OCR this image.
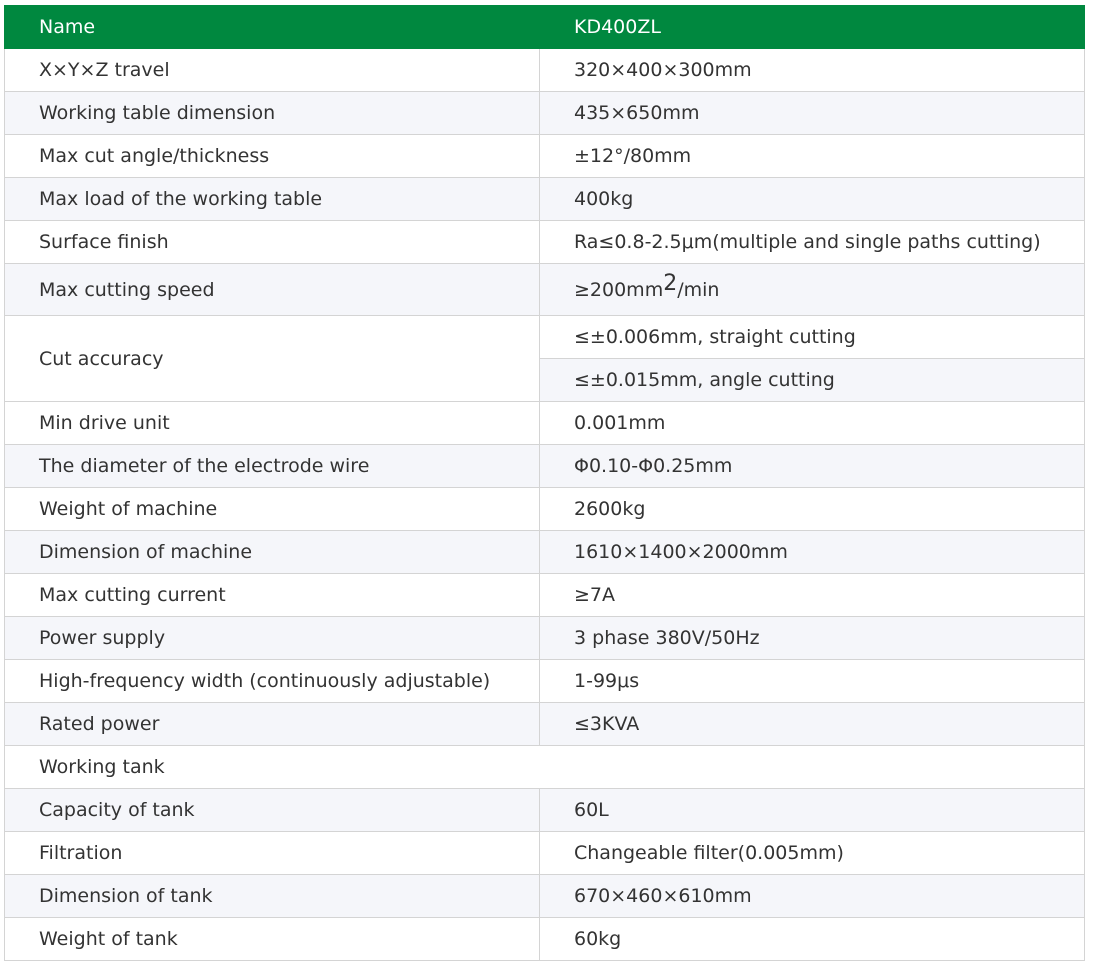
Name	KD400ZL
X×Y×Z travel	320×400×300mm
Working table dimension	435×650mm
Max cut angle/thickness	±12°/80mm
Max load of the working table	400kg
Surface finish	Ra≤0.8-2.5μm(multiple and single paths cutting)
Max cutting speed	$\ge 200mm^2/\min$
Cut accuracy	≤±0.006mm, straight cutting
	≤±0.015mm, angle cutting
Min drive unit	0.001mm
The diameter of the electrode wire	Φ0.10-Φ0.25mm
Weight of machine	2600kg
Dimension of machine	1610×1400×2000mm
Max cutting current	≥7A
Power supply	3 phase 380V/50Hz
High-frequency width (continuously adjustable)	1-99μs
Rated power	≤3KVA
Working tank	
Capacity of tank	60L
Filtration	Changeable filter(0.005mm)
Dimension of tank	670×460×610mm
Weight of tank	60kg
